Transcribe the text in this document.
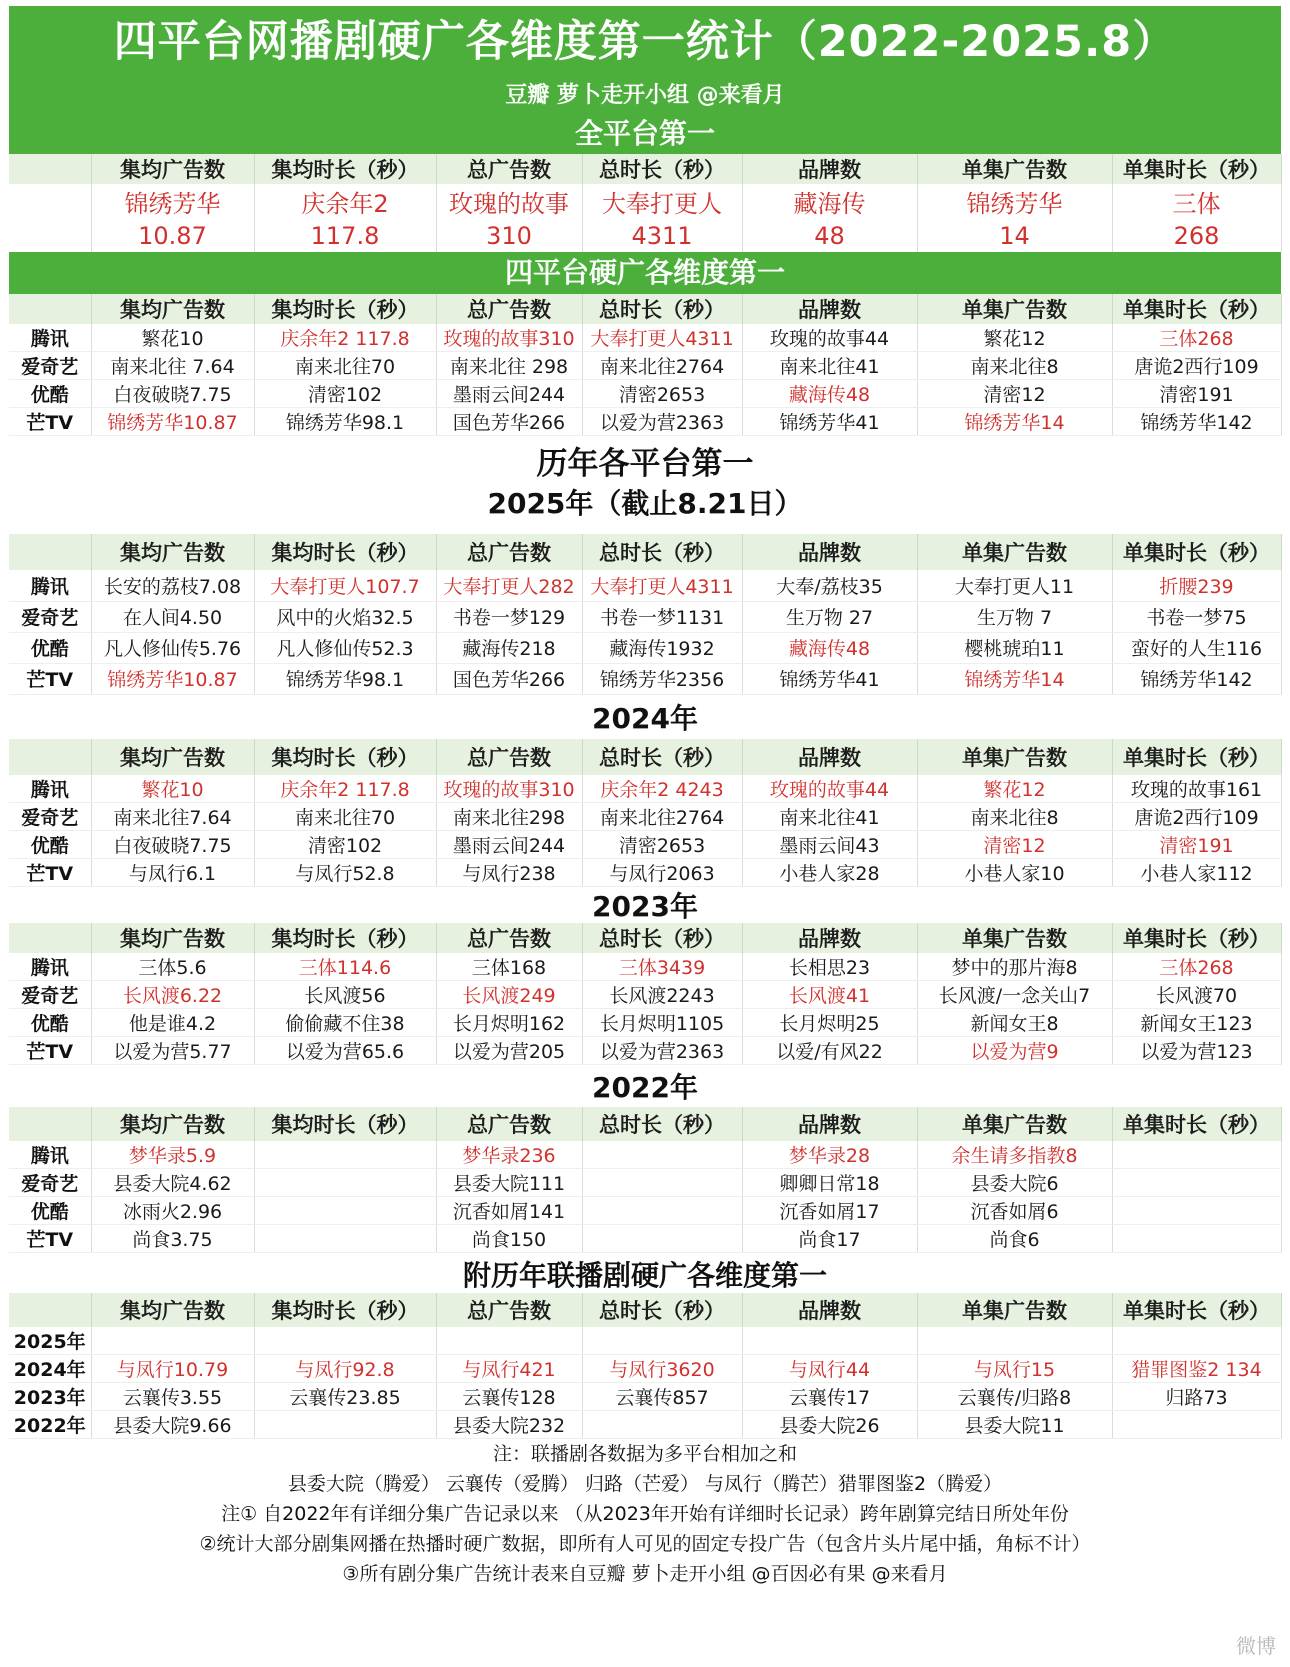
四平台网播剧硬广各维度第一统计（2022-2025.8）
豆瓣 萝卜走开小组 @来看月
全平台第一
	集均广告数	集均时长（秒）	总广告数	总时长（秒）	品牌数	单集广告数	单集时长（秒）
	锦绣芳华	庆余年2	玫瑰的故事	大奉打更人	藏海传	锦绣芳华	三体
	10.87	117.8	310	4311	48	14	268
四平台硬广各维度第一
	集均广告数	集均时长（秒）	总广告数	总时长（秒）	品牌数	单集广告数	单集时长（秒）
腾讯	繁花10	庆余年2 117.8	玫瑰的故事310	大奉打更人4311	玫瑰的故事44	繁花12	三体268
爱奇艺	南来北往 7.64	南来北往70	南来北往 298	南来北往2764	南来北往41	南来北往8	唐诡2西行109
优酷	白夜破晓7.75	清密102	墨雨云间244	清密2653	藏海传48	清密12	清密191
芒TV	锦绣芳华10.87	锦绣芳华98.1	国色芳华266	以爱为营2363	锦绣芳华41	锦绣芳华14	锦绣芳华142
历年各平台第一
2025年（截止8.21日）
	集均广告数	集均时长（秒）	总广告数	总时长（秒）	品牌数	单集广告数	单集时长（秒）
腾讯	长安的荔枝7.08	大奉打更人107.7	大奉打更人282	大奉打更人4311	大奉/荔枝35	大奉打更人11	折腰239
爱奇艺	在人间4.50	风中的火焰32.5	书卷一梦129	书卷一梦1131	生万物 27	生万物 7	书卷一梦75
优酷	凡人修仙传5.76	凡人修仙传52.3	藏海传218	藏海传1932	藏海传48	樱桃琥珀11	蛮好的人生116
芒TV	锦绣芳华10.87	锦绣芳华98.1	国色芳华266	锦绣芳华2356	锦绣芳华41	锦绣芳华14	锦绣芳华142
2024年
	集均广告数	集均时长（秒）	总广告数	总时长（秒）	品牌数	单集广告数	单集时长（秒）
腾讯	繁花10	庆余年2 117.8	玫瑰的故事310	庆余年2 4243	玫瑰的故事44	繁花12	玫瑰的故事161
爱奇艺	南来北往7.64	南来北往70	南来北往298	南来北往2764	南来北往41	南来北往8	唐诡2西行109
优酷	白夜破晓7.75	清密102	墨雨云间244	清密2653	墨雨云间43	清密12	清密191
芒TV	与凤行6.1	与凤行52.8	与凤行238	与凤行2063	小巷人家28	小巷人家10	小巷人家112
2023年
	集均广告数	集均时长（秒）	总广告数	总时长（秒）	品牌数	单集广告数	单集时长（秒）
腾讯	三体5.6	三体114.6	三体168	三体3439	长相思23	梦中的那片海8	三体268
爱奇艺	长风渡6.22	长风渡56	长风渡249	长风渡2243	长风渡41	长风渡/一念关山7	长风渡70
优酷	他是谁4.2	偷偷藏不住38	长月烬明162	长月烬明1105	长月烬明25	新闻女王8	新闻女王123
芒TV	以爱为营5.77	以爱为营65.6	以爱为营205	以爱为营2363	以爱/有风22	以爱为营9	以爱为营123
2022年
	集均广告数	集均时长（秒）	总广告数	总时长（秒）	品牌数	单集广告数	单集时长（秒）
腾讯	梦华录5.9		梦华录236		梦华录28	余生请多指教8	
爱奇艺	县委大院4.62		县委大院111		卿卿日常18	县委大院6	
优酷	冰雨火2.96		沉香如屑141		沉香如屑17	沉香如屑6	
芒TV	尚食3.75		尚食150		尚食17	尚食6	
附历年联播剧硬广各维度第一
	集均广告数	集均时长（秒）	总广告数	总时长（秒）	品牌数	单集广告数	单集时长（秒）
2025年							
2024年	与凤行10.79	与凤行92.8	与凤行421	与凤行3620	与凤行44	与凤行15	猎罪图鉴2 134
2023年	云襄传3.55	云襄传23.85	云襄传128	云襄传857	云襄传17	云襄传/归路8	归路73
2022年	县委大院9.66		县委大院232		县委大院26	县委大院11	
注：联播剧各数据为多平台相加之和
县委大院（腾爱） 云襄传（爱腾） 归路（芒爱） 与凤行（腾芒）猎罪图鉴2（腾爱）
注① 自2022年有详细分集广告记录以来 （从2023年开始有详细时长记录）跨年剧算完结日所处年份
②统计大部分剧集网播在热播时硬广数据，即所有人可见的固定专投广告（包含片头片尾中插，角标不计）
③所有剧分集广告统计表来自豆瓣 萝卜走开小组 @百因必有果 @来看月
微博
